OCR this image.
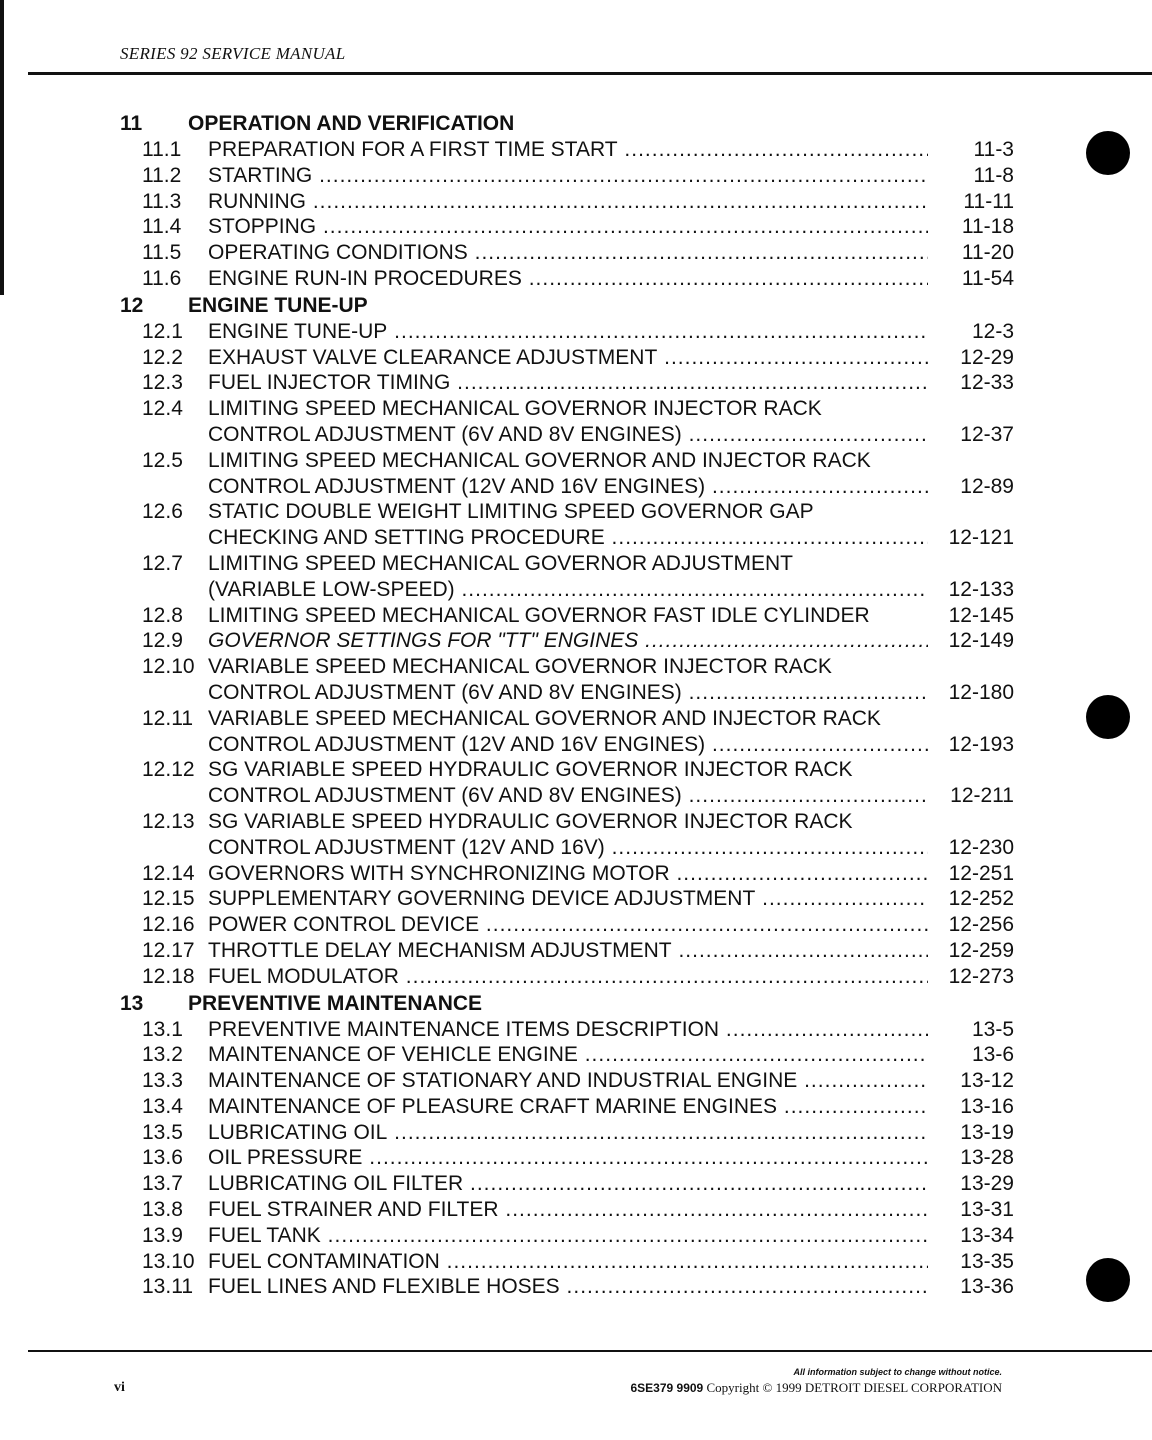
SERIES 92 SERVICE MANUAL
11 OPERATION AND VERIFICATION
11.1 PREPARATION FOR A FIRST TIME START .....	11-3
11.2 STARTING .....	11-8
11.3 RUNNING .....	11-11
11.4 STOPPING .....	11-18
11.5 OPERATING CONDITIONS .....	11-20
11.6 ENGINE RUN-IN PROCEDURES .....	11-54
12 ENGINE TUNE-UP
12.1 ENGINE TUNE-UP .....	12-3
12.2 EXHAUST VALVE CLEARANCE ADJUSTMENT .....	12-29
12.3 FUEL INJECTOR TIMING .....	12-33
12.4 LIMITING SPEED MECHANICAL GOVERNOR INJECTOR RACK
CONTROL ADJUSTMENT (6V AND 8V ENGINES) .....	12-37
12.5 LIMITING SPEED MECHANICAL GOVERNOR AND INJECTOR RACK
CONTROL ADJUSTMENT (12V AND 16V ENGINES) .....	12-89
12.6 STATIC DOUBLE WEIGHT LIMITING SPEED GOVERNOR GAP
CHECKING AND SETTING PROCEDURE .....	12-121
12.7 LIMITING SPEED MECHANICAL GOVERNOR ADJUSTMENT
(VARIABLE LOW-SPEED) .....	12-133
12.8 LIMITING SPEED MECHANICAL GOVERNOR FAST IDLE CYLINDER	12-145
12.9 GOVERNOR SETTINGS FOR "TT" ENGINES .....	12-149
12.10 VARIABLE SPEED MECHANICAL GOVERNOR INJECTOR RACK
CONTROL ADJUSTMENT (6V AND 8V ENGINES) .....	12-180
12.11 VARIABLE SPEED MECHANICAL GOVERNOR AND INJECTOR RACK
CONTROL ADJUSTMENT (12V AND 16V ENGINES) .....	12-193
12.12 SG VARIABLE SPEED HYDRAULIC GOVERNOR INJECTOR RACK
CONTROL ADJUSTMENT (6V AND 8V ENGINES) .....	12-211
12.13 SG VARIABLE SPEED HYDRAULIC GOVERNOR INJECTOR RACK
CONTROL ADJUSTMENT (12V AND 16V) .....	12-230
12.14 GOVERNORS WITH SYNCHRONIZING MOTOR .....	12-251
12.15 SUPPLEMENTARY GOVERNING DEVICE ADJUSTMENT .....	12-252
12.16 POWER CONTROL DEVICE .....	12-256
12.17 THROTTLE DELAY MECHANISM ADJUSTMENT .....	12-259
12.18 FUEL MODULATOR .....	12-273
13 PREVENTIVE MAINTENANCE
13.1 PREVENTIVE MAINTENANCE ITEMS DESCRIPTION .....	13-5
13.2 MAINTENANCE OF VEHICLE ENGINE .....	13-6
13.3 MAINTENANCE OF STATIONARY AND INDUSTRIAL ENGINE .....	13-12
13.4 MAINTENANCE OF PLEASURE CRAFT MARINE ENGINES .....	13-16
13.5 LUBRICATING OIL .....	13-19
13.6 OIL PRESSURE .....	13-28
13.7 LUBRICATING OIL FILTER .....	13-29
13.8 FUEL STRAINER AND FILTER .....	13-31
13.9 FUEL TANK .....	13-34
13.10 FUEL CONTAMINATION .....	13-35
13.11 FUEL LINES AND FLEXIBLE HOSES .....	13-36
All information subject to change without notice.
vi	6SE379 9909 Copyright © 1999 DETROIT DIESEL CORPORATION
